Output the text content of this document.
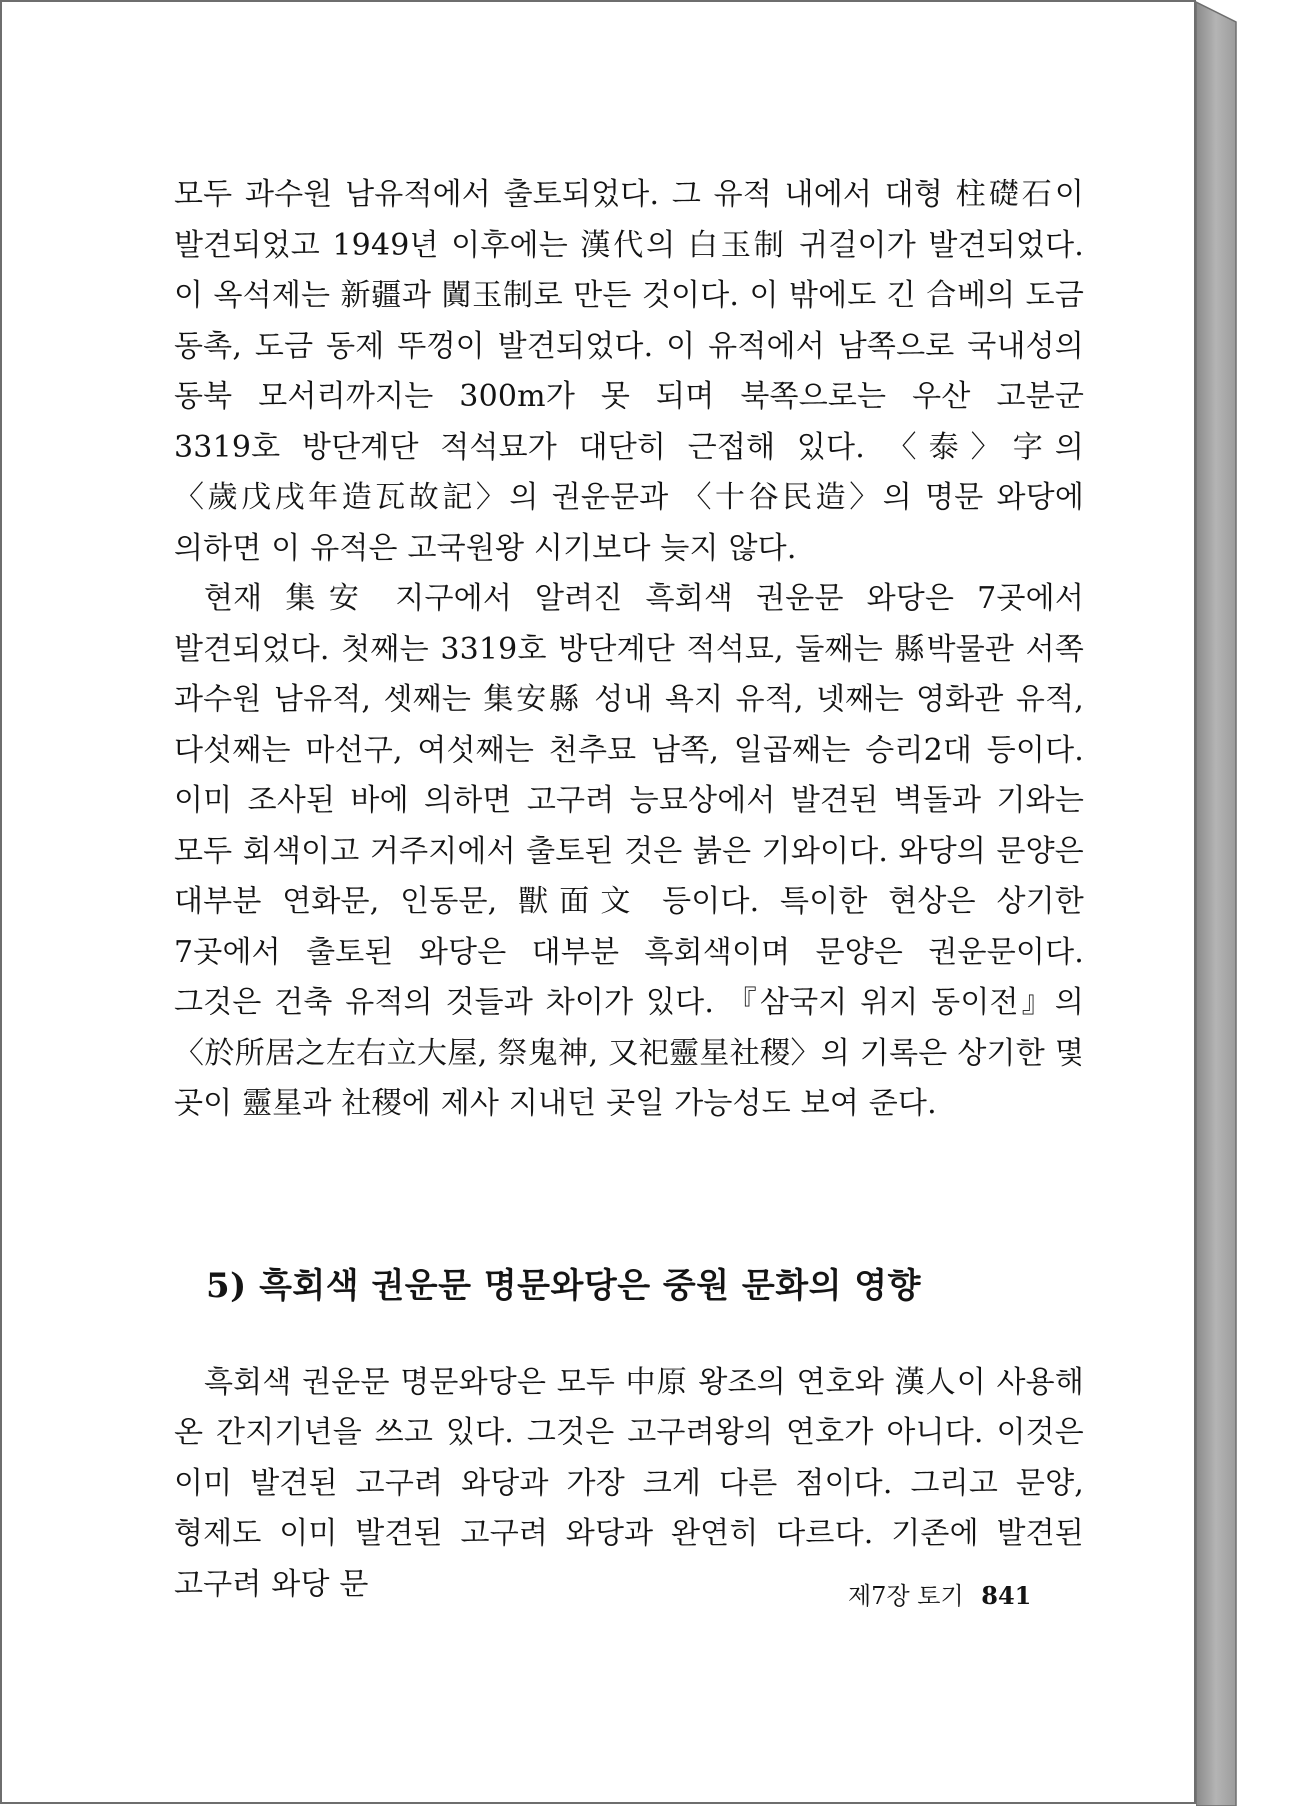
모두 과수원 남유적에서 출토되었다. 그 유적 내에서 대형 柱礎石이 발견되었고 1949년 이후에는 漢代의 白玉制 귀걸이가 발견되었다. 이 옥석제는 新疆과 闐玉制로 만든 것이다. 이 밖에도 긴 合베의 도금 동촉, 도금 동제 뚜껑이 발견되었다. 이 유적에서 남쪽으로 국내성의 동북 모서리까지는 300m가 못 되며 북쪽으로는 우산 고분군 3319호 방단계단 적석묘가 대단히 근접해 있다. 〈泰〉字의 〈歲戊戌年造瓦故記〉의 권운문과 〈十谷民造〉의 명문 와당에 의하면 이 유적은 고국원왕 시기보다 늦지 않다.

현재 集安 지구에서 알려진 흑회색 권운문 와당은 7곳에서 발견되었다. 첫째는 3319호 방단계단 적석묘, 둘째는 縣박물관 서쪽 과수원 남유적, 셋째는 集安縣 성내 욕지 유적, 넷째는 영화관 유적, 다섯째는 마선구, 여섯째는 천추묘 남쪽, 일곱째는 승리2대 등이다. 이미 조사된 바에 의하면 고구려 능묘상에서 발견된 벽돌과 기와는 모두 회색이고 거주지에서 출토된 것은 붉은 기와이다. 와당의 문양은 대부분 연화문, 인동문, 獸面文 등이다. 특이한 현상은 상기한 7곳에서 출토된 와당은 대부분 흑회색이며 문양은 권운문이다. 그것은 건축 유적의 것들과 차이가 있다. 『삼국지 위지 동이전』의 〈於所居之左右立大屋, 祭鬼神, 又祀靈星社稷〉의 기록은 상기한 몇 곳이 靈星과 社稷에 제사 지내던 곳일 가능성도 보여 준다.

5) 흑회색 권운문 명문와당은 중원 문화의 영향

흑회색 권운문 명문와당은 모두 中原 왕조의 연호와 漢人이 사용해 온 간지기년을 쓰고 있다. 그것은 고구려왕의 연호가 아니다. 이것은 이미 발견된 고구려 와당과 가장 크게 다른 점이다. 그리고 문양, 형제도 이미 발견된 고구려 와당과 완연히 다르다. 기존에 발견된 고구려 와당 문	제7장 토기 841
